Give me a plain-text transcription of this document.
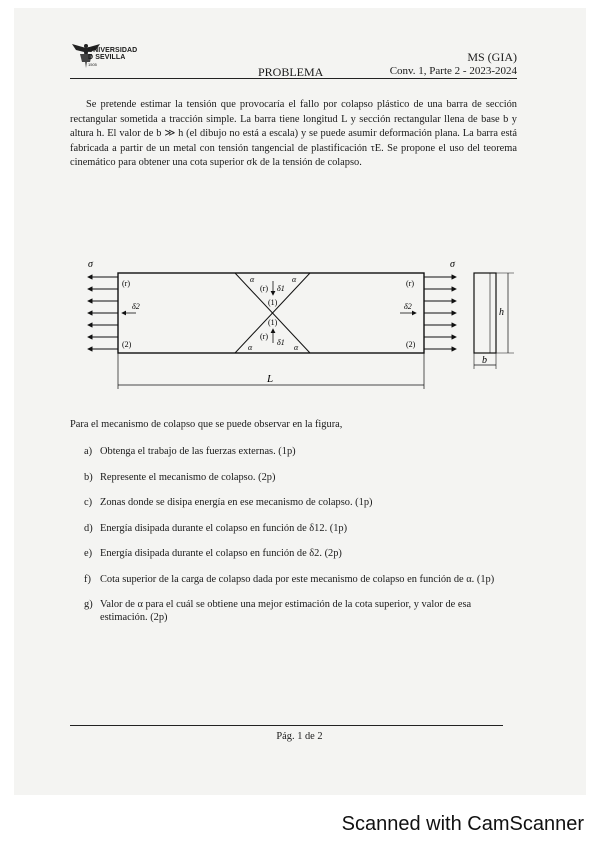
UNIVERSIDAD
D SEVILLA
1505
MS (GIA)
PROBLEMA	Conv. 1, Parte 2 - 2023-2024
Se pretende estimar la tensión que provocaría el fallo por colapso plástico de una barra de sección rectangular sometida a tracción simple. La barra tiene longitud L y sección rectangular llena de base b y altura h. El valor de b ≫ h (el dibujo no está a escala) y se puede asumir deformación plana. La barra está fabricada a partir de un metal con tensión tangencial de plastificación τE. Se propone el uso del teorema cinemático para obtener una cota superior σk de la tensión de colapso.
σ	σ
(r)	(r)
(2)	(2)
δ2	δ2
(r) δ1
(1)
(1)
(r)
δ1
α	α
α	α
L
h
b
Para el mecanismo de colapso que se puede observar en la figura,
a) Obtenga el trabajo de las fuerzas externas. (1p)
b) Represente el mecanismo de colapso. (2p)
c) Zonas donde se disipa energía en ese mecanismo de colapso. (1p)
d) Energía disipada durante el colapso en función de δ12. (1p)
e) Energía disipada durante el colapso en función de δ2. (2p)
f) Cota superior de la carga de colapso dada por este mecanismo de colapso en función de α. (1p)
g) Valor de α para el cuál se obtiene una mejor estimación de la cota superior, y valor de esa estimación. (2p)
Pág. 1 de 2
Scanned with CamScanner
